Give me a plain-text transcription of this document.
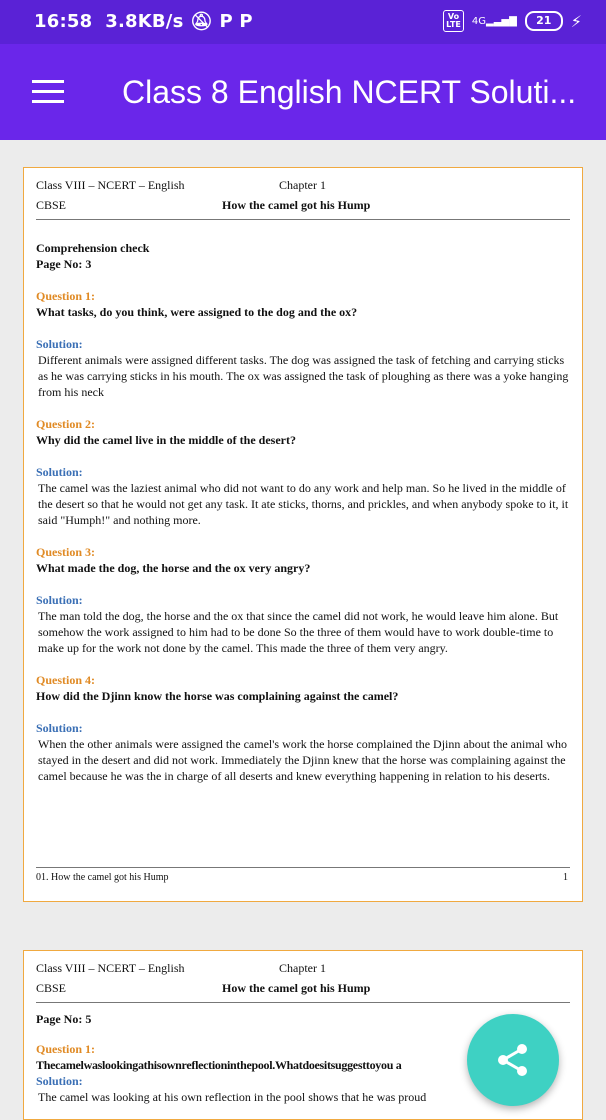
16:58 3.8KB/s 🔕︎ P P	Vo
LTE	4G▂▃▅▇	21	⚡︎
Class 8 English NCERT Soluti...
Class VIII – NCERT – English
CBSE
Chapter 1
How the camel got his Hump
Comprehension check
Page No: 3
Question 1:
What tasks, do you think, were assigned to the dog and the ox?
Solution:
Different animals were assigned different tasks. The dog was assigned the task of fetching and carrying sticks as he was carrying sticks in his mouth. The ox was assigned the task of ploughing as there was a yoke hanging from his neck
Question 2:
Why did the camel live in the middle of the desert?
Solution:
The camel was the laziest animal who did not want to do any work and help man. So he lived in the middle of the desert so that he would not get any task. It ate sticks, thorns, and prickles, and when anybody spoke to it, it said "Humph!" and nothing more.
Question 3:
What made the dog, the horse and the ox very angry?
Solution:
The man told the dog, the horse and the ox that since the camel did not work, he would leave him alone. But somehow the work assigned to him had to be done So the three of them would have to work double-time to make up for the work not done by the camel. This made the three of them very angry.
Question 4:
How did the Djinn know the horse was complaining against the camel?
Solution:
When the other animals were assigned the camel's work the horse complained the Djinn about the animal who stayed in the desert and did not work. Immediately the Djinn knew that the horse was complaining against the camel because he was the in charge of all deserts and knew everything happening in relation to his deserts.
01. How the camel got his Hump	1
Class VIII – NCERT – English
CBSE
Chapter 1
How the camel got his Hump
Page No: 5
Question 1:
Thecamelwaslookingathisownreflectioninthepool.Whatdoesitsuggesttoyou a
Solution:
The camel was looking at his own reflection in the pool shows that he was proud
